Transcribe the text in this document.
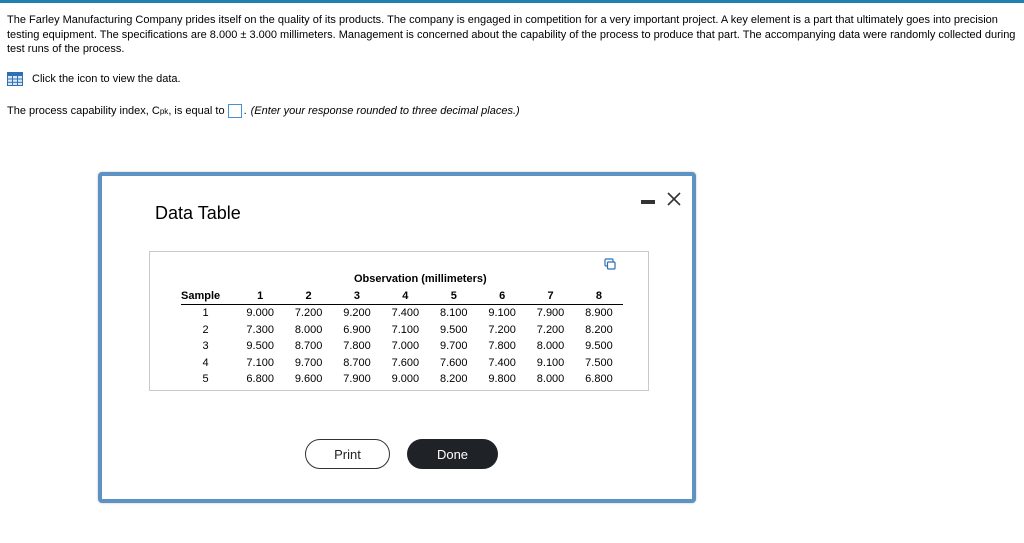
The Farley Manufacturing Company prides itself on the quality of its products. The company is engaged in competition for a very important project. A key element is a part that ultimately goes into precision testing equipment. The specifications are 8.000 ± 3.000 millimeters. Management is concerned about the capability of the process to produce that part. The accompanying data were randomly collected during test runs of the process.
Click the icon to view the data.
The process capability index, C pk , is equal to . (Enter your response rounded to three decimal places.)
Data Table
Observation (millimeters)
Sample	1	2	3	4	5	6	7	8
1	9.000	7.200	9.200	7.400	8.100	9.100	7.900	8.900
2	7.300	8.000	6.900	7.100	9.500	7.200	7.200	8.200
3	9.500	8.700	7.800	7.000	9.700	7.800	8.000	9.500
4	7.100	9.700	8.700	7.600	7.600	7.400	9.100	7.500
5	6.800	9.600	7.900	9.000	8.200	9.800	8.000	6.800
Print	Done
